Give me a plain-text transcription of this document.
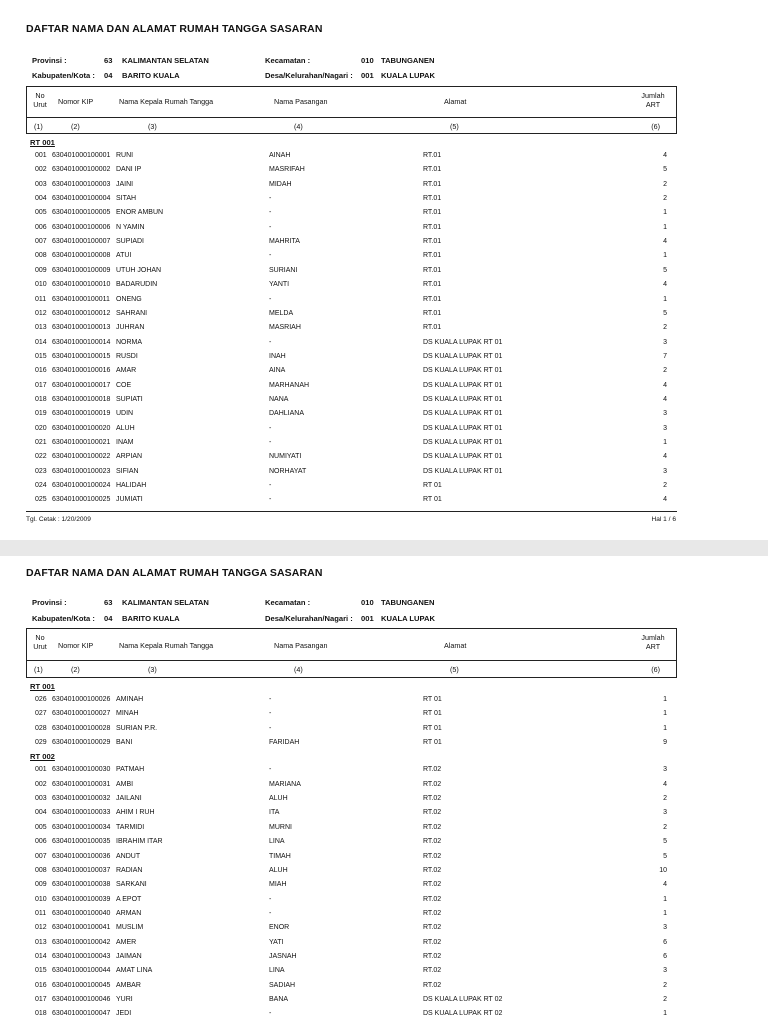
DAFTAR NAMA DAN ALAMAT RUMAH TANGGA SASARAN
Provinsi :	63 KALIMANTAN SELATAN	Kecamatan :	010 TABUNGANEN
Kabupaten/Kota : 04 BARITO KUALA	Desa/Kelurahan/Nagari : 001 KUALA LUPAK
No
Urut	Nomor KIP	Nama Kepala Rumah Tangga	Nama Pasangan	Alamat
Jumlah
ART
(1)	(2)	(3)	(4)	(5)	(6)
RT 001
001 630401000100001 RUNI	AINAH	RT.01	4
002 630401000100002 DANI IP	MASRIFAH	RT.01	5
003 630401000100003 JAINI	MIDAH	RT.01	2
004 630401000100004 SITAH	-	RT.01	2
005 630401000100005 ENOR AMBUN	-	RT.01	1
006 630401000100006 N YAMIN	-	RT.01	1
007 630401000100007 SUPIADI	MAHRITA	RT.01	4
008 630401000100008 ATUI	-	RT.01	1
009 630401000100009 UTUH JOHAN	SURIANI	RT.01	5
010 630401000100010 BADARUDIN	YANTI	RT.01	4
011 630401000100011 ONENG	-	RT.01	1
012 630401000100012 SAHRANI	MELDA	RT.01	5
013 630401000100013 JUHRAN	MASRIAH	RT.01	2
014 630401000100014 NORMA	-	DS KUALA LUPAK RT 01	3
015 630401000100015 RUSDI	INAH	DS KUALA LUPAK RT 01	7
016 630401000100016 AMAR	AINA	DS KUALA LUPAK RT 01	2
017 630401000100017 COE	MARHANAH	DS KUALA LUPAK RT 01	4
018 630401000100018 SUPIATI	NANA	DS KUALA LUPAK RT 01	4
019 630401000100019 UDIN	DAHLIANA	DS KUALA LUPAK RT 01	3
020 630401000100020 ALUH	-	DS KUALA LUPAK RT 01	3
021 630401000100021 INAM	-	DS KUALA LUPAK RT 01	1
022 630401000100022 ARPIAN	NUMIYATI	DS KUALA LUPAK RT 01	4
023 630401000100023 SIFIAN	NORHAYAT	DS KUALA LUPAK RT 01	3
024 630401000100024 HALIDAH	-	RT 01	2
025 630401000100025 JUMIATI	-	RT 01	4
Tgl. Cetak : 1/20/2009	Hal 1 / 6
DAFTAR NAMA DAN ALAMAT RUMAH TANGGA SASARAN
Provinsi :	63 KALIMANTAN SELATAN	Kecamatan :	010 TABUNGANEN
Kabupaten/Kota : 04 BARITO KUALA	Desa/Kelurahan/Nagari : 001 KUALA LUPAK
No
Urut	Nomor KIP	Nama Kepala Rumah Tangga	Nama Pasangan	Alamat
Jumlah
ART
(1)	(2)	(3)	(4)	(5)	(6)
RT 001
026 630401000100026 AMINAH	-	RT 01	1
027 630401000100027 MINAH	-	RT 01	1
028 630401000100028 SURIAN P.R.	-	RT 01	1
029 630401000100029 BANI	FARIDAH	RT 01	9
RT 002
001 630401000100030 PATMAH	-	RT.02	3
002 630401000100031 AMBI	MARIANA	RT.02	4
003 630401000100032 JAILANI	ALUH	RT.02	2
004 630401000100033 AHIM I RUH	ITA	RT.02	3
005 630401000100034 TARMIDI	MURNI	RT.02	2
006 630401000100035 IBRAHIM ITAR	LINA	RT.02	5
007 630401000100036 ANDUT	TIMAH	RT.02	5
008 630401000100037 RADIAN	ALUH	RT.02	10
009 630401000100038 SARKANI	MIAH	RT.02	4
010 630401000100039 A EPOT	-	RT.02	1
011 630401000100040 ARMAN	-	RT.02	1
012 630401000100041 MUSLIM	ENOR	RT.02	3
013 630401000100042 AMER	YATI	RT.02	6
014 630401000100043 JAIMAN	JASNAH	RT.02	6
015 630401000100044 AMAT LINA	LINA	RT.02	3
016 630401000100045 AMBAR	SADIAH	RT.02	2
017 630401000100046 YURI	BANA	DS KUALA LUPAK RT 02	2
018 630401000100047 JEDI	-	DS KUALA LUPAK RT 02	1
